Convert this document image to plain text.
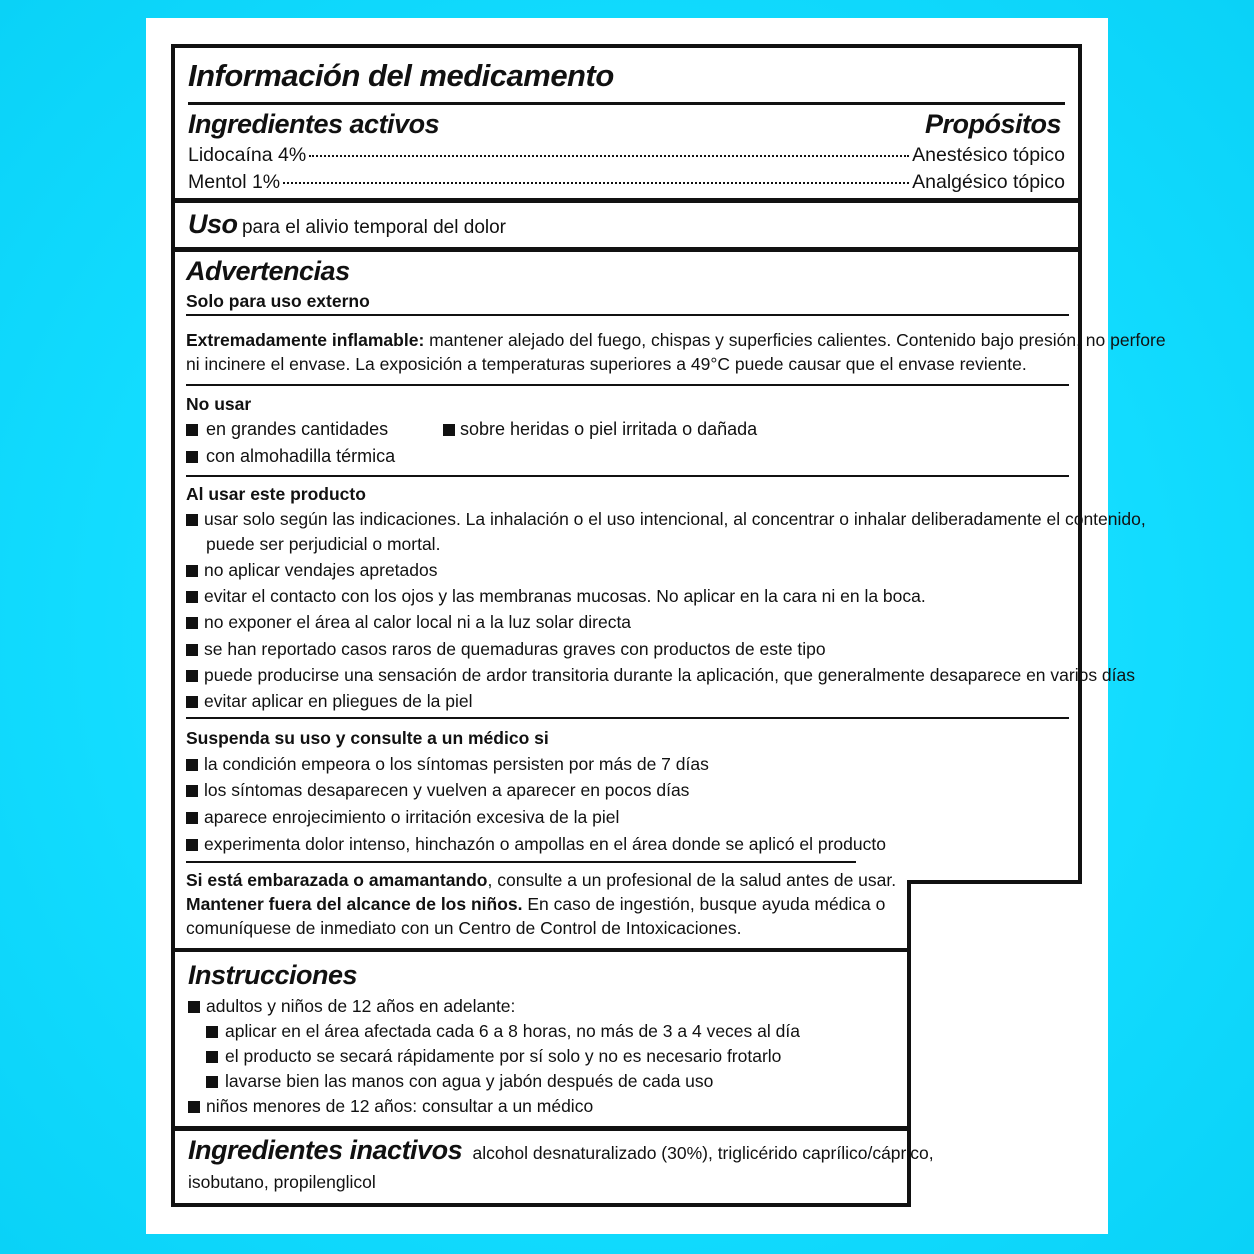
Información del medicamento
Ingredientes activos	Propósitos
Lidocaína 4%	Anestésico tópico
Mentol 1%	Analgésico tópico
Uso para el alivio temporal del dolor
Advertencias
Solo para uso externo
Extremadamente inflamable: mantener alejado del fuego, chispas y superficies calientes. Contenido bajo presión, no perfore
ni incinere el envase. La exposición a temperaturas superiores a 49°C puede causar que el envase reviente.
No usar
en grandes cantidades
con almohadilla térmica
sobre heridas o piel irritada o dañada
Al usar este producto
usar solo según las indicaciones. La inhalación o el uso intencional, al concentrar o inhalar deliberadamente el contenido,
puede ser perjudicial o mortal.
no aplicar vendajes apretados
evitar el contacto con los ojos y las membranas mucosas. No aplicar en la cara ni en la boca.
no exponer el área al calor local ni a la luz solar directa
se han reportado casos raros de quemaduras graves con productos de este tipo
puede producirse una sensación de ardor transitoria durante la aplicación, que generalmente desaparece en varios días
evitar aplicar en pliegues de la piel
Suspenda su uso y consulte a un médico si
la condición empeora o los síntomas persisten por más de 7 días
los síntomas desaparecen y vuelven a aparecer en pocos días
aparece enrojecimiento o irritación excesiva de la piel
experimenta dolor intenso, hinchazón o ampollas en el área donde se aplicó el producto
Si está embarazada o amamantando, consulte a un profesional de la salud antes de usar.
Mantener fuera del alcance de los niños. En caso de ingestión, busque ayuda médica o
comuníquese de inmediato con un Centro de Control de Intoxicaciones.
Instrucciones
adultos y niños de 12 años en adelante:
aplicar en el área afectada cada 6 a 8 horas, no más de 3 a 4 veces al día
el producto se secará rápidamente por sí solo y no es necesario frotarlo
lavarse bien las manos con agua y jabón después de cada uso
niños menores de 12 años: consultar a un médico
Ingredientes inactivos alcohol desnaturalizado (30%), triglicérido caprílico/cáprico,
isobutano, propilenglicol
